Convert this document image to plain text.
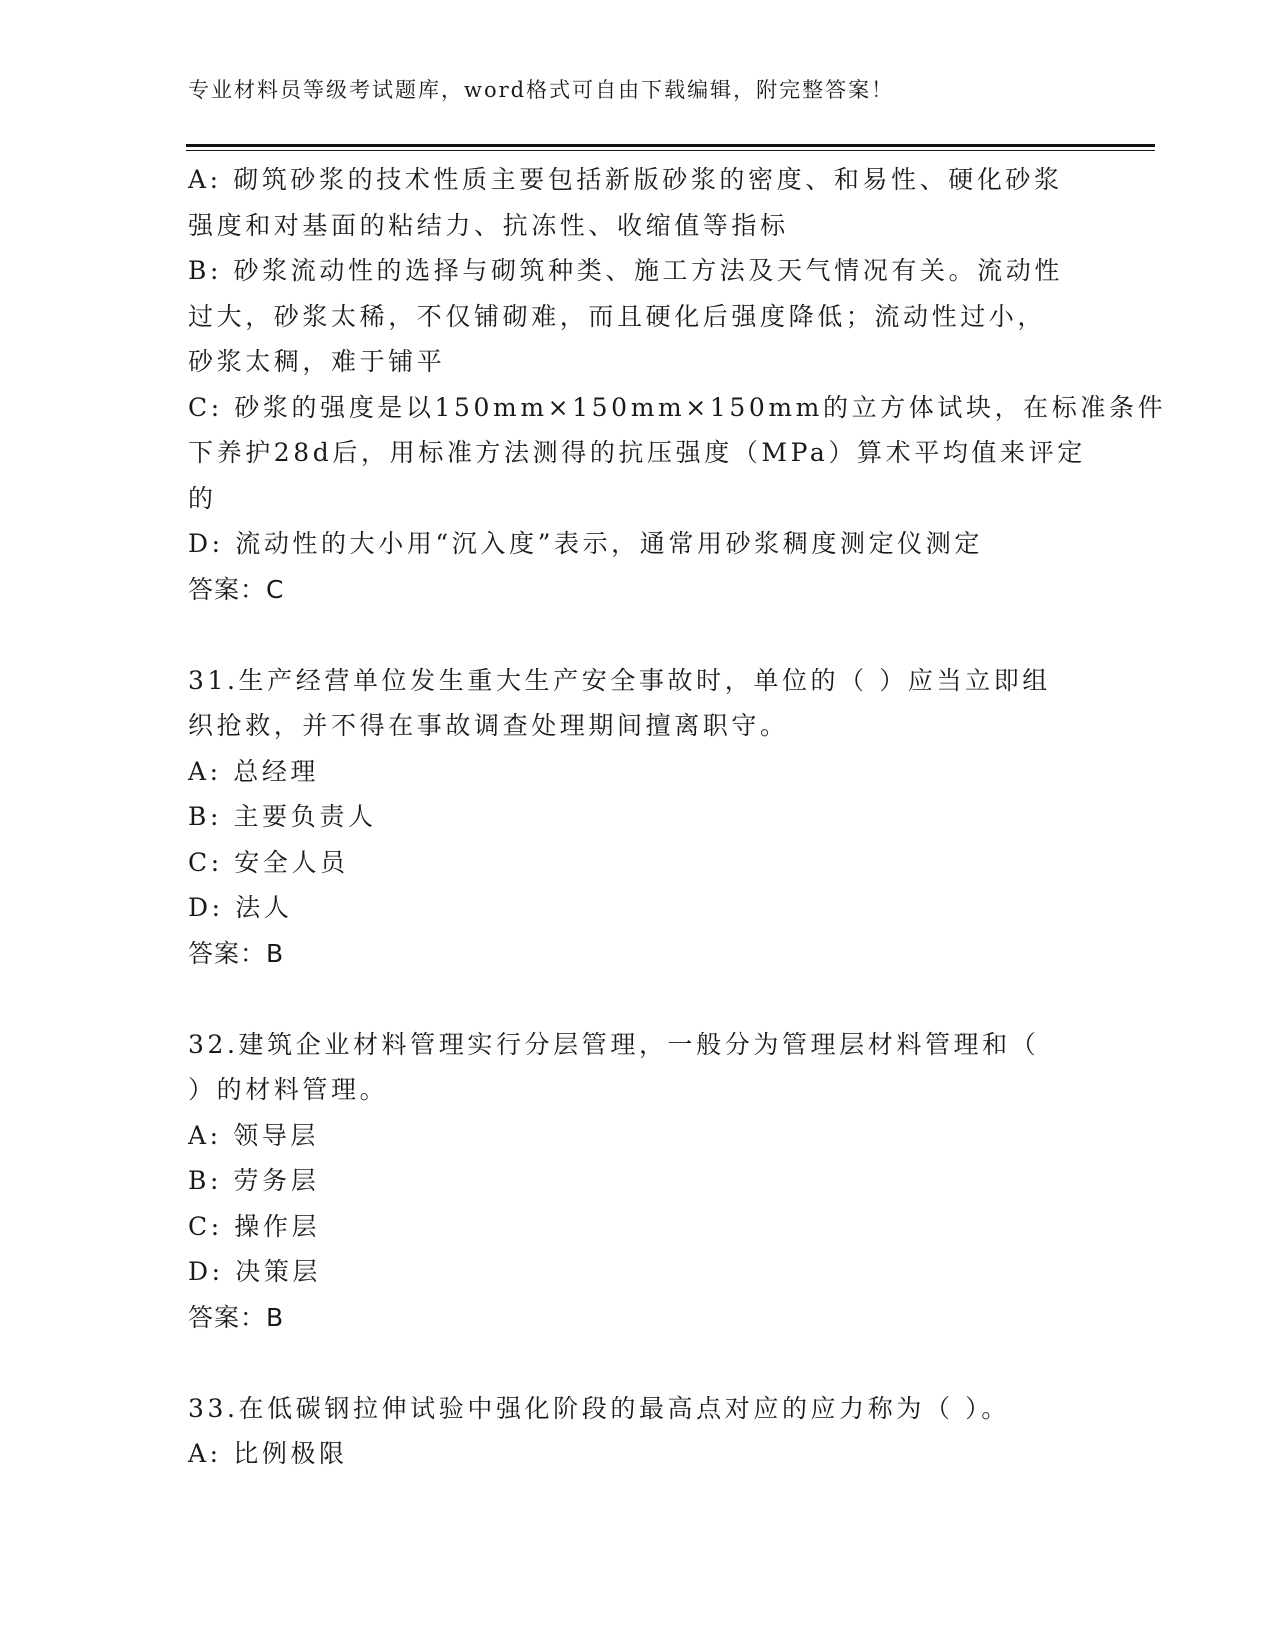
专业材料员等级考试题库，word格式可自由下载编辑，附完整答案！
A: 砌筑砂浆的技术性质主要包括新版砂浆的密度、和易性、硬化砂浆
强度和对基面的粘结力、抗冻性、收缩值等指标
B: 砂浆流动性的选择与砌筑种类、施工方法及天气情况有关。流动性
过大，砂浆太稀，不仅铺砌难，而且硬化后强度降低；流动性过小，
砂浆太稠，难于铺平
C: 砂浆的强度是以150mm×150mm×150mm的立方体试块，在标准条件
下养护28d后，用标准方法测得的抗压强度（MPa）算术平均值来评定
的
D: 流动性的大小用“沉入度”表示，通常用砂浆稠度测定仪测定
答案：C
31.生产经营单位发生重大生产安全事故时，单位的（ ）应当立即组
织抢救，并不得在事故调查处理期间擅离职守。
A: 总经理
B: 主要负责人
C: 安全人员
D: 法人
答案：B
32.建筑企业材料管理实行分层管理，一般分为管理层材料管理和（
）的材料管理。
A: 领导层
B: 劳务层
C: 操作层
D: 决策层
答案：B
33.在低碳钢拉伸试验中强化阶段的最高点对应的应力称为（ ）。
A: 比例极限
